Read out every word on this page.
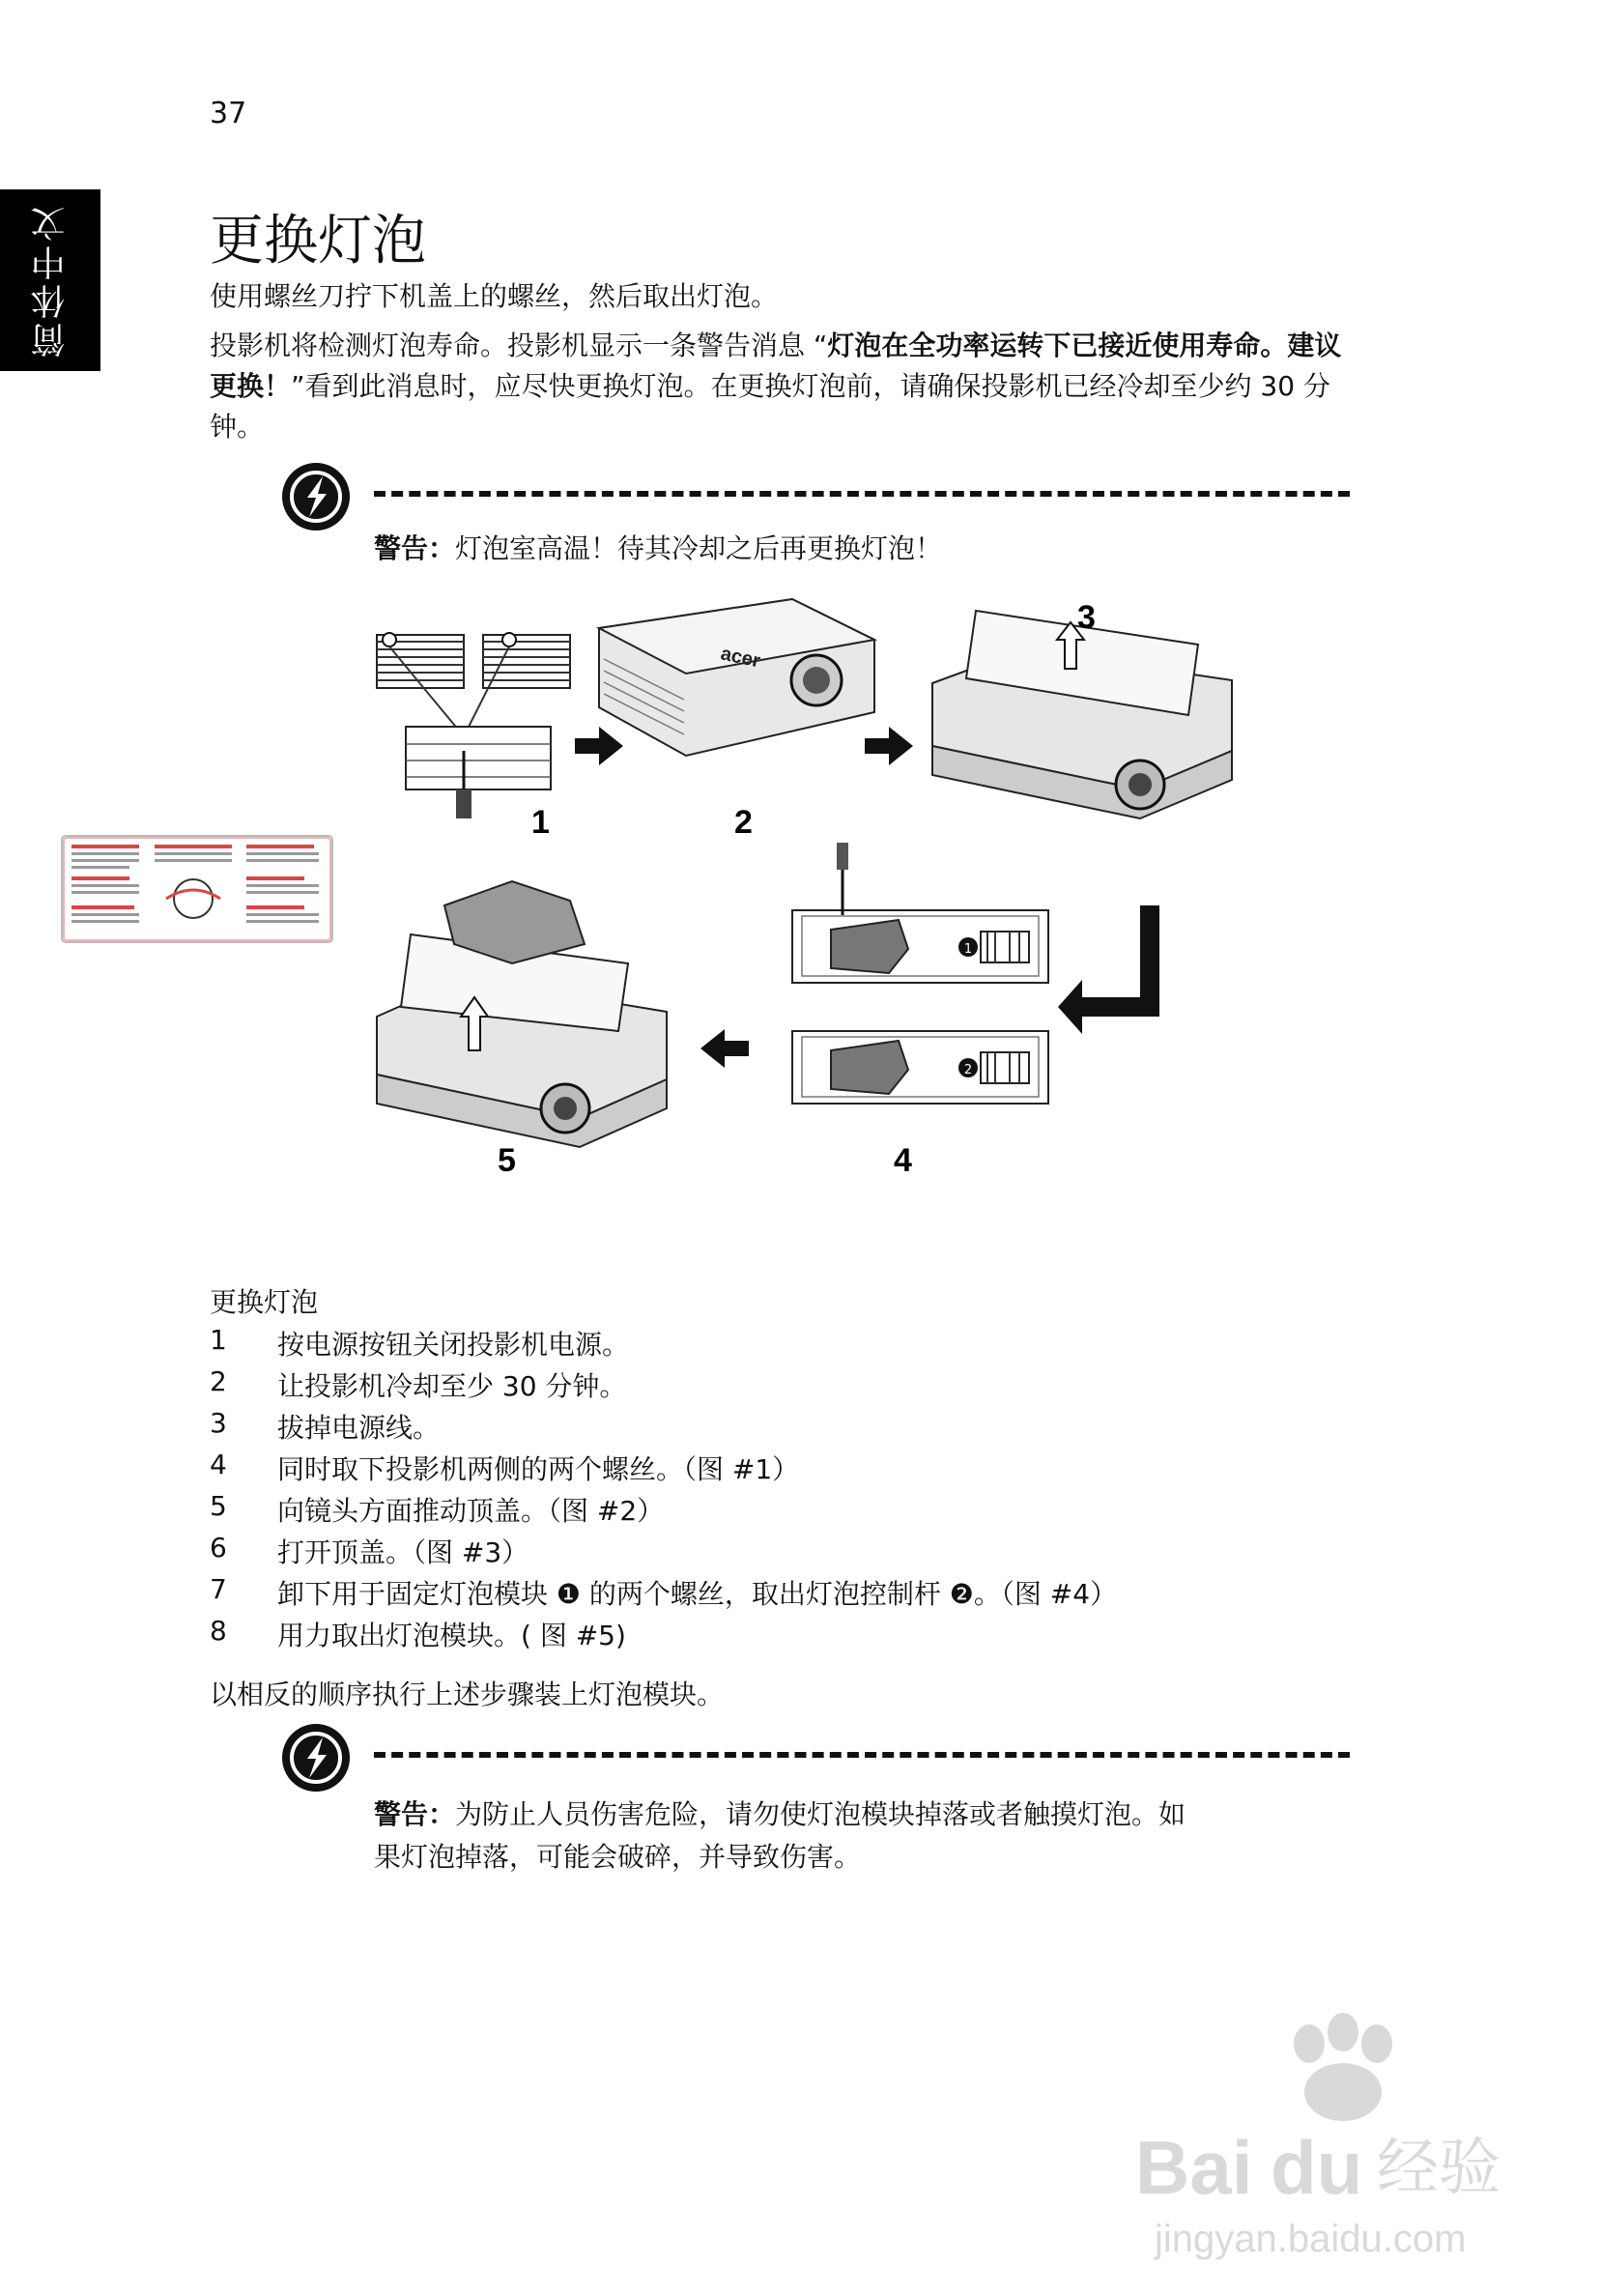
37
简体中文	更换灯泡
使用螺丝刀拧下机盖上的螺丝，然后取出灯泡。
投影机将检测灯泡寿命。投影机显示一条警告消息 “灯泡在全功率运转下已接近使用寿命。建议更换！”看到此消息时，应尽快更换灯泡。在更换灯泡前，请确保投影机已经冷却至少约 30 分钟。
警告：灯泡室高温！待其冷却之后再更换灯泡！
acer
1
2
1	2
3
4
5
更换灯泡
1	按电源按钮关闭投影机电源。
2	让投影机冷却至少 30 分钟。
3	拔掉电源线。
4	同时取下投影机两侧的两个螺丝。（图 #1）
5	向镜头方面推动顶盖。（图 #2）
6	打开顶盖。（图 #3）
7	卸下用于固定灯泡模块 ❶ 的两个螺丝，取出灯泡控制杆 ❷。（图 #4）
8	用力取出灯泡模块。( 图 #5)
以相反的顺序执行上述步骤装上灯泡模块。
警告：为防止人员伤害危险，请勿使灯泡模块掉落或者触摸灯泡。如
果灯泡掉落，可能会破碎，并导致伤害。
Bai du 经验
jingyan.baidu.com
